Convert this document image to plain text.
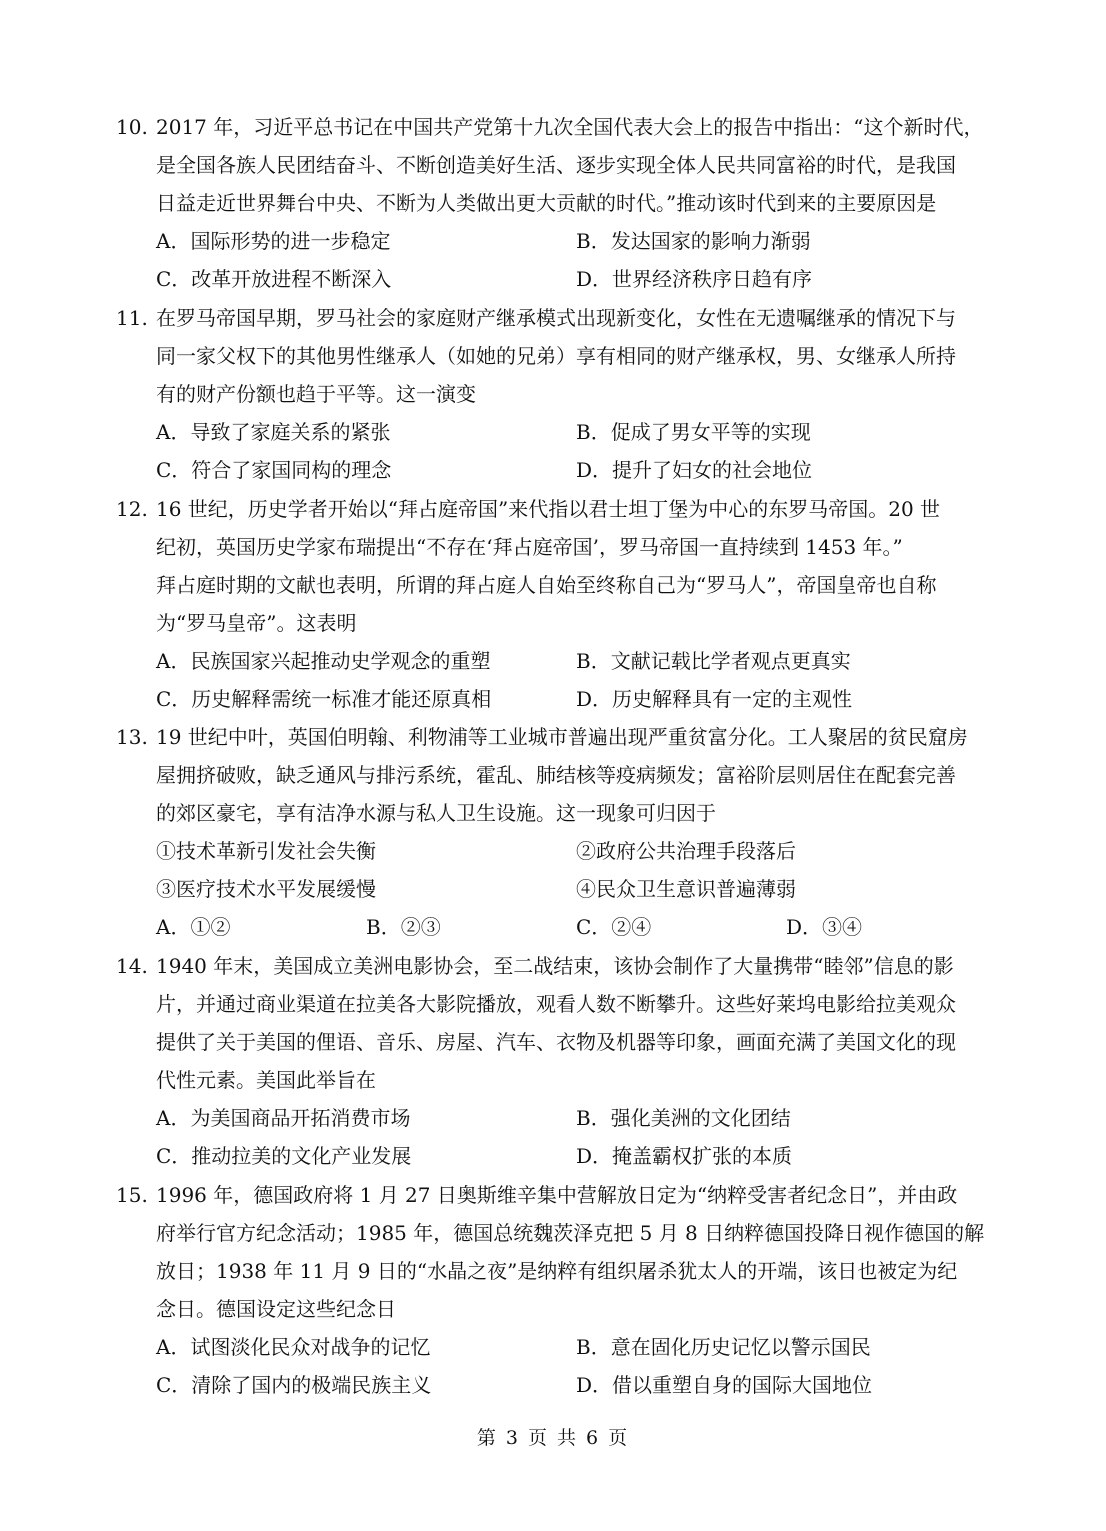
10. 2017 年，习近平总书记在中国共产党第十九次全国代表大会上的报告中指出：“这个新时代，
是全国各族人民团结奋斗、不断创造美好生活、逐步实现全体人民共同富裕的时代，是我国
日益走近世界舞台中央、不断为人类做出更大贡献的时代。”推动该时代到来的主要原因是
A．国际形势的进一步稳定	B．发达国家的影响力渐弱
C．改革开放进程不断深入	D．世界经济秩序日趋有序
11. 在罗马帝国早期，罗马社会的家庭财产继承模式出现新变化，女性在无遗嘱继承的情况下与
同一家父权下的其他男性继承人（如她的兄弟）享有相同的财产继承权，男、女继承人所持
有的财产份额也趋于平等。这一演变
A．导致了家庭关系的紧张	B．促成了男女平等的实现
C．符合了家国同构的理念	D．提升了妇女的社会地位
12. 16 世纪，历史学者开始以“拜占庭帝国”来代指以君士坦丁堡为中心的东罗马帝国。20 世
纪初，英国历史学家布瑞提出“不存在‘拜占庭帝国’，罗马帝国一直持续到 1453 年。”
拜占庭时期的文献也表明，所谓的拜占庭人自始至终称自己为“罗马人”，帝国皇帝也自称
为“罗马皇帝”。这表明
A．民族国家兴起推动史学观念的重塑	B．文献记载比学者观点更真实
C．历史解释需统一标准才能还原真相	D．历史解释具有一定的主观性
13. 19 世纪中叶，英国伯明翰、利物浦等工业城市普遍出现严重贫富分化。工人聚居的贫民窟房
屋拥挤破败，缺乏通风与排污系统，霍乱、肺结核等疫病频发；富裕阶层则居住在配套完善
的郊区豪宅，享有洁净水源与私人卫生设施。这一现象可归因于
①技术革新引发社会失衡	②政府公共治理手段落后
③医疗技术水平发展缓慢	④民众卫生意识普遍薄弱
A．①②	B．②③	C．②④	D．③④
14. 1940 年末，美国成立美洲电影协会，至二战结束，该协会制作了大量携带“睦邻”信息的影
片，并通过商业渠道在拉美各大影院播放，观看人数不断攀升。这些好莱坞电影给拉美观众
提供了关于美国的俚语、音乐、房屋、汽车、衣物及机器等印象，画面充满了美国文化的现
代性元素。美国此举旨在
A．为美国商品开拓消费市场	B．强化美洲的文化团结
C．推动拉美的文化产业发展	D．掩盖霸权扩张的本质
15. 1996 年，德国政府将 1 月 27 日奥斯维辛集中营解放日定为“纳粹受害者纪念日”，并由政
府举行官方纪念活动；1985 年，德国总统魏茨泽克把 5 月 8 日纳粹德国投降日视作德国的解
放日；1938 年 11 月 9 日的“水晶之夜”是纳粹有组织屠杀犹太人的开端，该日也被定为纪
念日。德国设定这些纪念日
A．试图淡化民众对战争的记忆	B．意在固化历史记忆以警示国民
C．清除了国内的极端民族主义	D．借以重塑自身的国际大国地位
第 3 页 共 6 页
